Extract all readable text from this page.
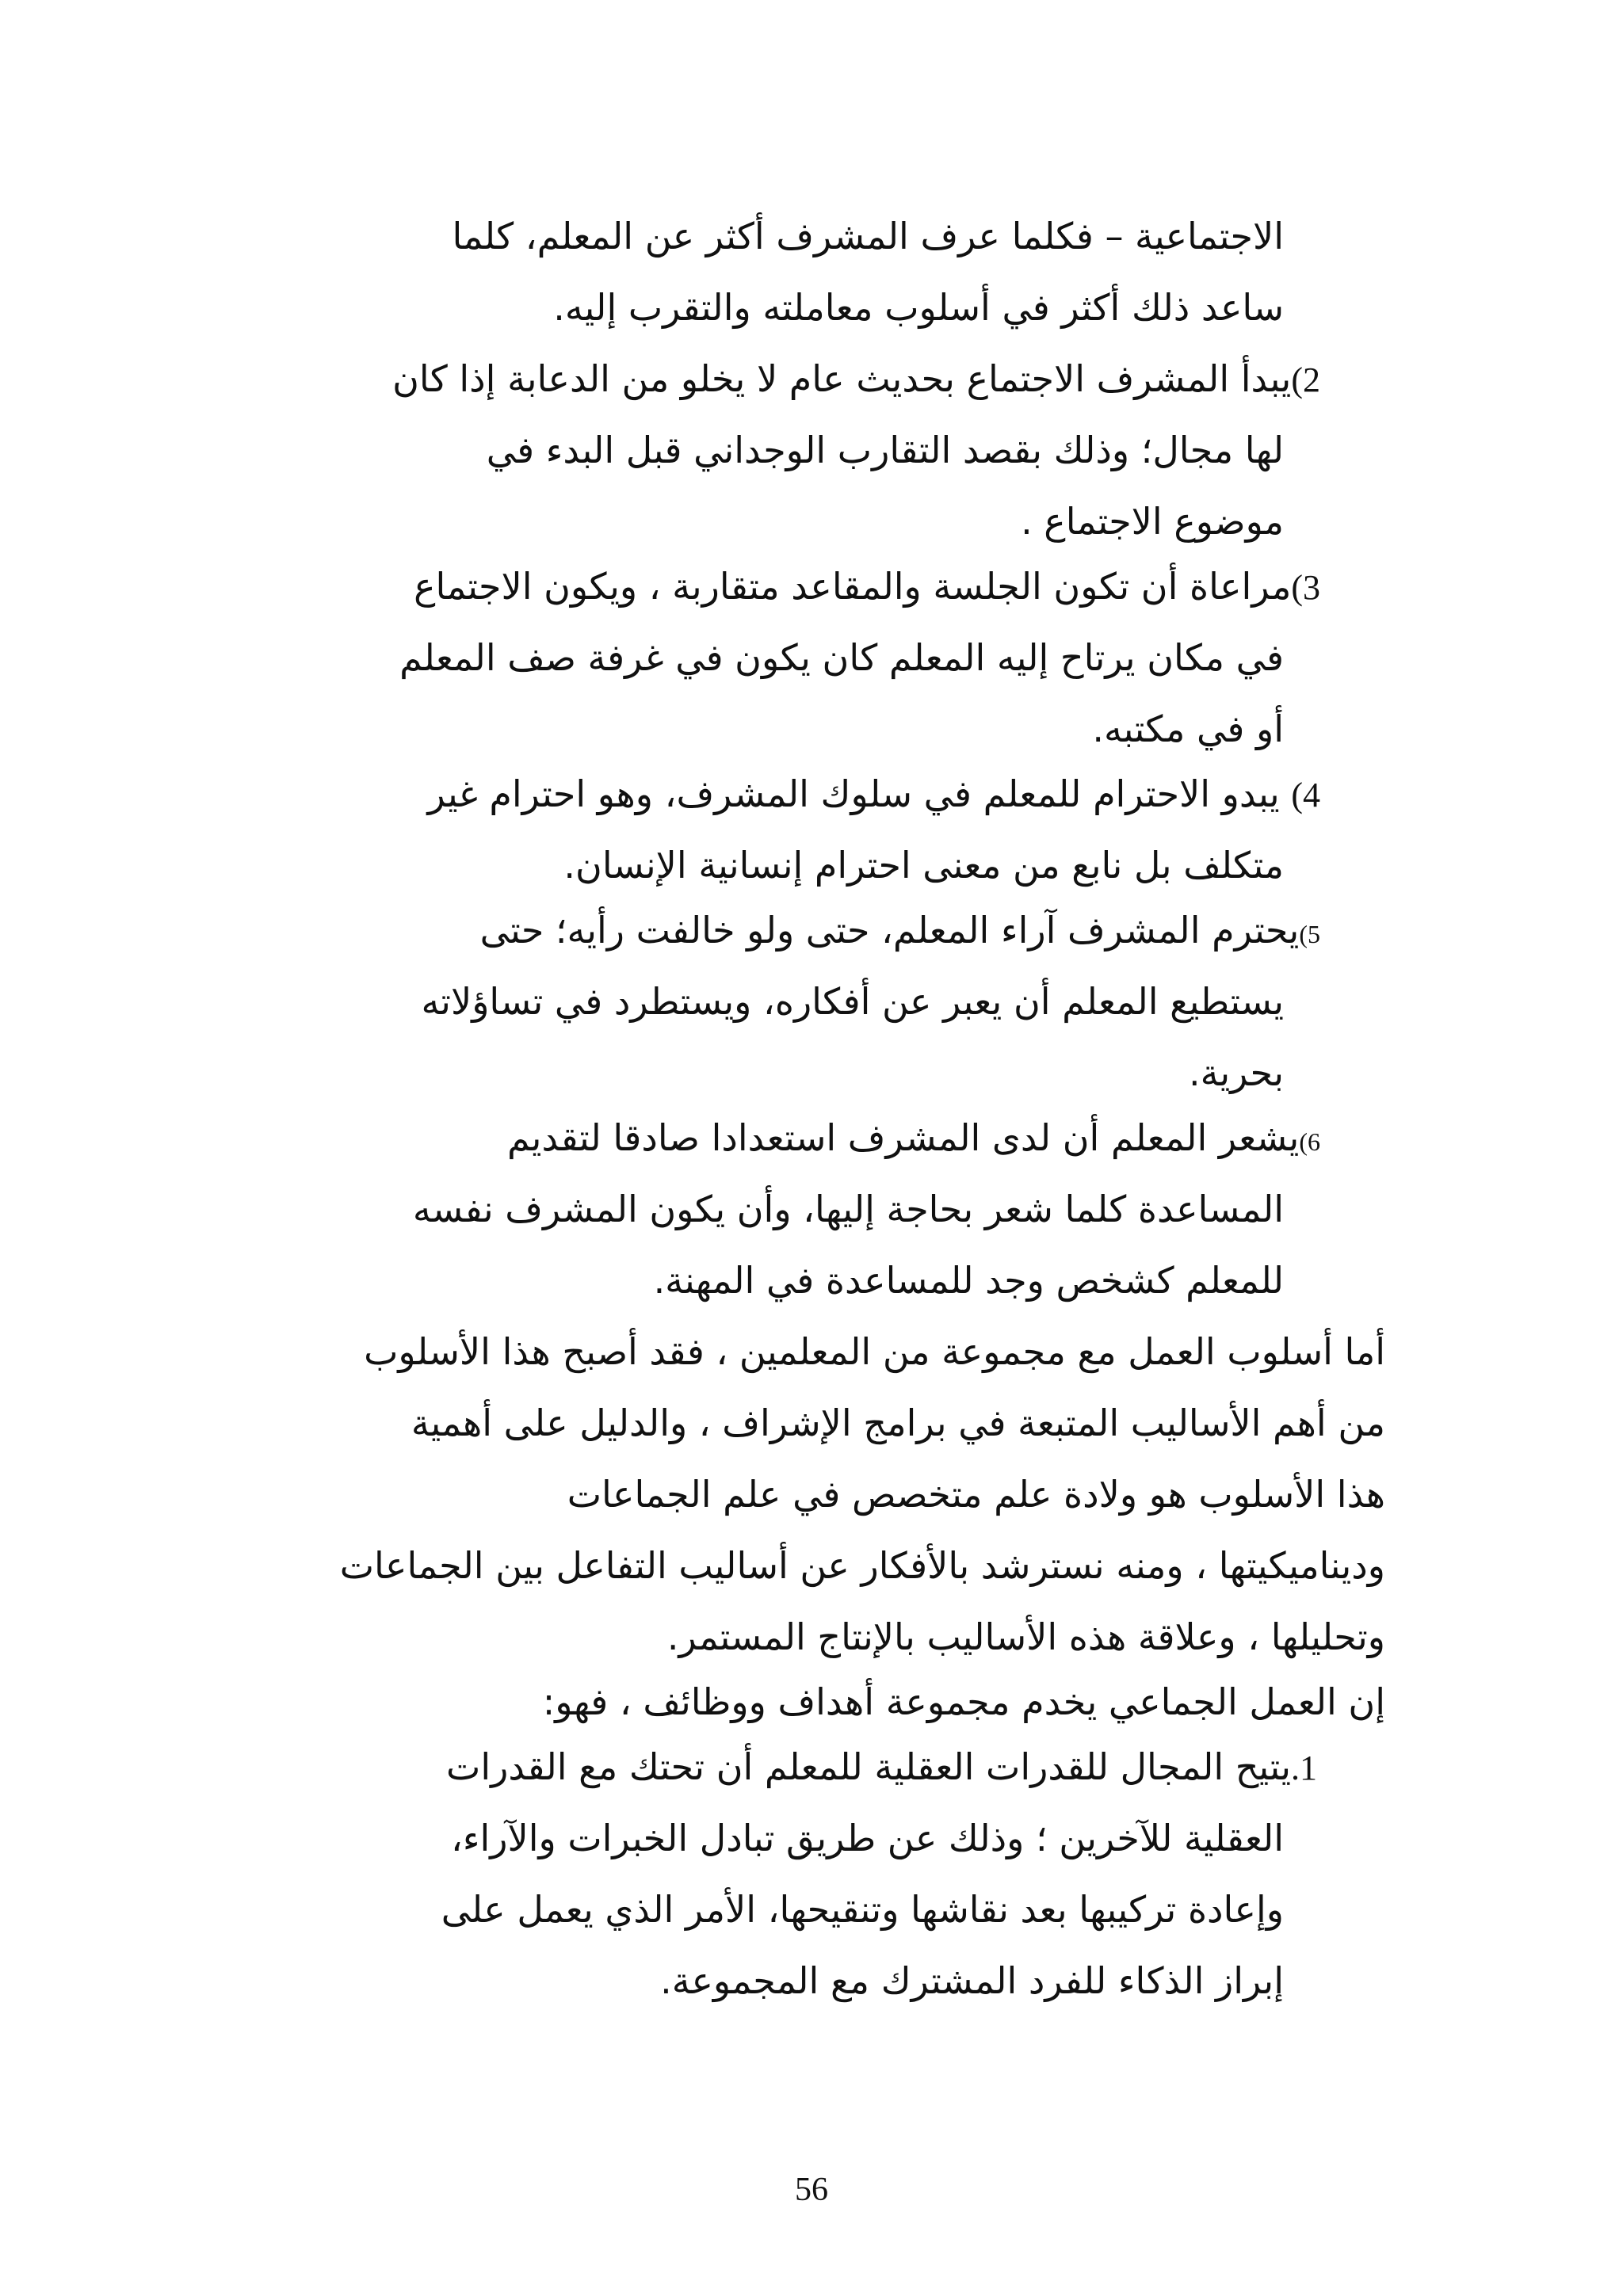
الاجتماعية – فكلما عرف المشرف أكثر عن المعلم، كلما
ساعد ذلك أكثر في أسلوب معاملته والتقرب إليه.
2)يبدأ المشرف الاجتماع بحديث عام لا يخلو من الدعابة إذا كان
لها مجال؛ وذلك بقصد التقارب الوجداني قبل البدء في
موضوع الاجتماع .
3)مراعاة أن تكون الجلسة والمقاعد متقاربة ، ويكون الاجتماع
في مكان يرتاح إليه المعلم كان يكون في غرفة صف المعلم
أو في مكتبه.
4) يبدو الاحترام للمعلم في سلوك المشرف، وهو احترام غير
متكلف بل نابع من معنى احترام إنسانية الإنسان.
5)يحترم المشرف آراء المعلم، حتى ولو خالفت رأيه؛ حتى
يستطيع المعلم أن يعبر عن أفكاره، ويستطرد في تساؤلاته
بحرية.
6)يشعر المعلم أن لدى المشرف استعدادا صادقا لتقديم
المساعدة كلما شعر بحاجة إليها، وأن يكون المشرف نفسه
للمعلم كشخص وجد للمساعدة في المهنة.
أما أسلوب العمل مع مجموعة من المعلمين ، فقد أصبح هذا الأسلوب
من أهم الأساليب المتبعة في برامج الإشراف ، والدليل على أهمية
هذا الأسلوب هو ولادة علم متخصص في علم الجماعات
وديناميكيتها ، ومنه نسترشد بالأفكار عن أساليب التفاعل بين الجماعات
وتحليلها ، وعلاقة هذه الأساليب بالإنتاج المستمر.
إن العمل الجماعي يخدم مجموعة أهداف ووظائف ، فهو:
1.يتيح المجال للقدرات العقلية للمعلم أن تحتك مع القدرات
العقلية للآخرين ؛ وذلك عن طريق تبادل الخبرات والآراء،
وإعادة تركيبها بعد نقاشها وتنقيحها، الأمر الذي يعمل على
إبراز الذكاء للفرد المشترك مع المجموعة.
56
